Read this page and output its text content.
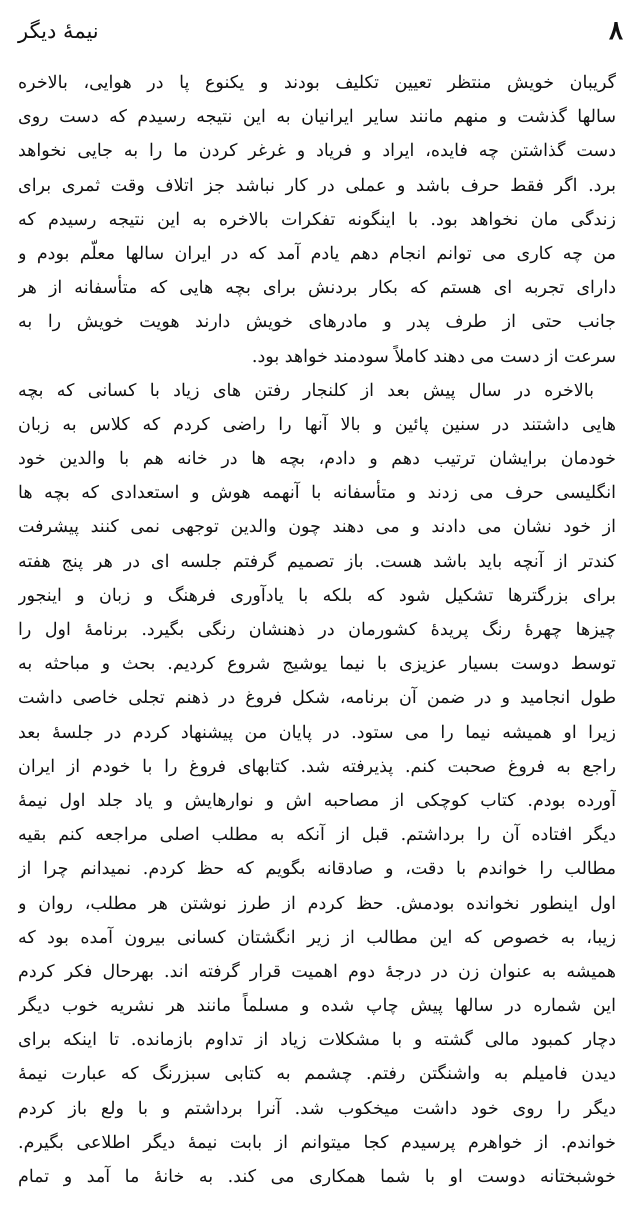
۸
نیمهٔ دیگر
گریبان خویش منتظر تعیین تکلیف بودند و یکنوع پا در هوایی، بالاخره
سالها گذشت و منهم مانند سایر ایرانیان به این نتیجه رسیدم که دست روی
دست گذاشتن چه فایده، ایراد و فریاد و غرغر کردن ما را به جایی نخواهد
برد. اگر فقط حرف باشد و عملی در کار نباشد جز اتلاف وقت ثمری برای
زندگی مان نخواهد بود. با اینگونه تفکرات بالاخره به این نتیجه رسیدم که
من چه کاری می توانم انجام دهم یادم آمد که در ایران سالها معلّم بودم و
دارای تجربه ای هستم که بکار بردنش برای بچه هایی که متأسفانه از هر
جانب حتی از طرف پدر و مادرهای خویش دارند هویت خویش را به
سرعت از دست می دهند کاملاً سودمند خواهد بود.
بالاخره در سال پیش بعد از کلنجار رفتن های زیاد با کسانی که بچه
هایی داشتند در سنین پائین و بالا آنها را راضی کردم که کلاس به زبان
خودمان برایشان ترتیب دهم و دادم، بچه ها در خانه هم با والدین خود
انگلیسی حرف می زدند و متأسفانه با آنهمه هوش و استعدادی که بچه ها
از خود نشان می دادند و می دهند چون والدین توجهی نمی کنند پیشرفت
کندتر از آنچه باید باشد هست. باز تصمیم گرفتم جلسه ای در هر پنج هفته
برای بزرگترها تشکیل شود که بلکه با یادآوری فرهنگ و زبان و اینجور
چیزها چهرهٔ رنگ پریدهٔ کشورمان در ذهنشان رنگی بگیرد. برنامهٔ اول را
توسط دوست بسیار عزیزی با نیما یوشیج شروع کردیم. بحث و مباحثه به
طول انجامید و در ضمن آن برنامه، شکل فروغ در ذهنم تجلی خاصی داشت
زیرا او همیشه نیما را می ستود. در پایان من پیشنهاد کردم در جلسهٔ بعد
راجع به فروغ صحبت کنم. پذیرفته شد. کتابهای فروغ را با خودم از ایران
آورده بودم. کتاب کوچکی از مصاحبه اش و نوارهایش و یاد جلد اول نیمهٔ
دیگر افتاده آن را برداشتم. قبل از آنکه به مطلب اصلی مراجعه کنم بقیه
مطالب را خواندم با دقت، و صادقانه بگویم که حظ کردم. نمیدانم چرا از
اول اینطور نخوانده بودمش. حظ کردم از طرز نوشتن هر مطلب، روان و
زیبا، به خصوص که این مطالب از زیر انگشتان کسانی بیرون آمده بود که
همیشه به عنوان زن در درجهٔ دوم اهمیت قرار گرفته اند. بهرحال فکر کردم
این شماره در سالها پیش چاپ شده و مسلماً مانند هر نشریه خوب دیگر
دچار کمبود مالی گشته و با مشکلات زیاد از تداوم بازمانده. تا اینکه برای
دیدن فامیلم به واشنگتن رفتم. چشمم به کتابی سبزرنگ که عبارت نیمهٔ
دیگر را روی خود داشت میخکوب شد. آنرا برداشتم و با ولع باز کردم
خواندم. از خواهرم پرسیدم کجا میتوانم از بابت نیمهٔ دیگر اطلاعی بگیرم.
خوشبختانه دوست او با شما همکاری می کند. به خانهٔ ما آمد و تمام
